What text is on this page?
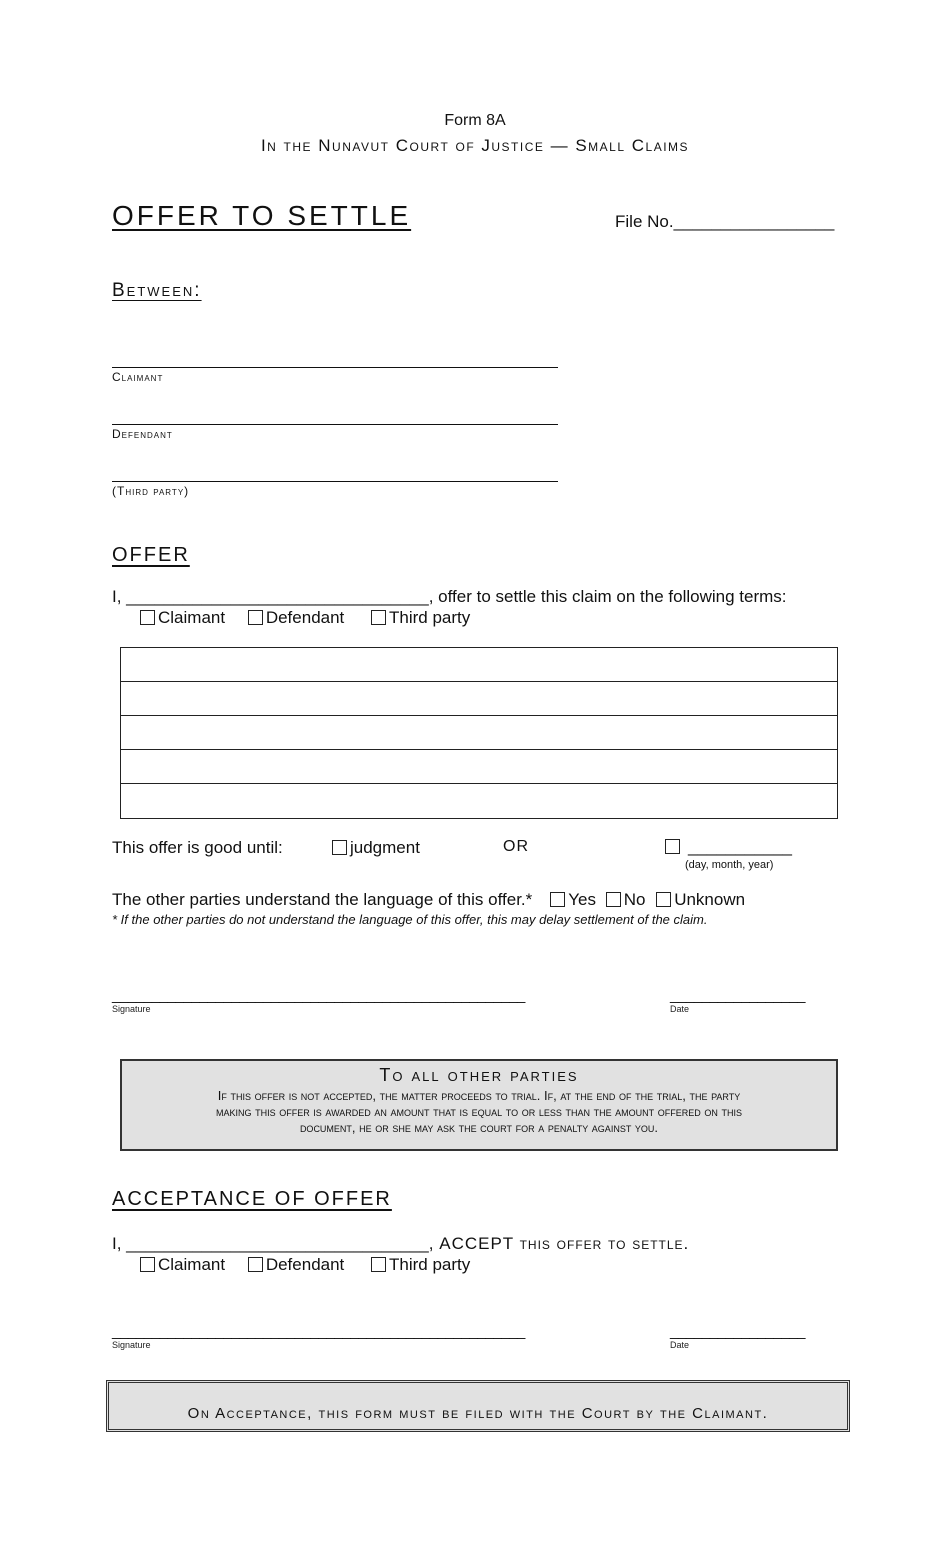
Form 8A
In the Nunavut Court of Justice — Small Claims
OFFER TO SETTLE	File No._________________
Between:
Claimant
Defendant
(Third party)
OFFER
I, ________________________________, offer to settle this claim on the following terms:
Claimant Defendant	Third party
This offer is good until:	judgment	OR	___________
(day, month, year)
The other parties understand the language of this offer.* Yes No Unknown
* If the other parties do not understand the language of this offer, this may delay settlement of the claim.
____________________________________________________
Signature
_________________
Date
To all other parties
If this offer is not accepted, the matter proceeds to trial. If, at the end of the trial, the party
making this offer is awarded an amount that is equal to or less than the amount offered on this
document, he or she may ask the court for a penalty against you.
ACCEPTANCE OF OFFER
I, ________________________________, ACCEPT this offer to settle.
Claimant Defendant	Third party
____________________________________________________
Signature
_________________
Date
On Acceptance, this form must be filed with the Court by the Claimant.
